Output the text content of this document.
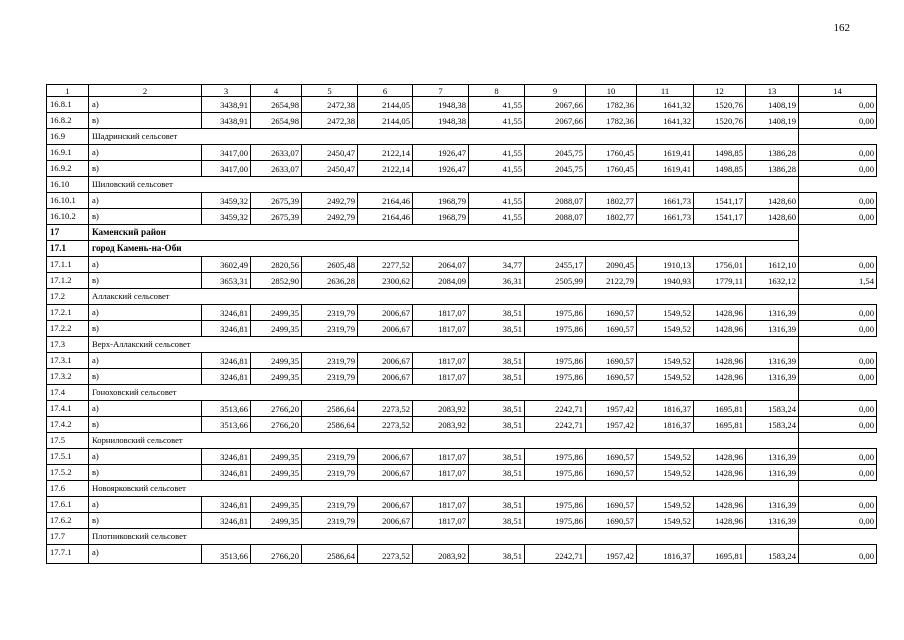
162
1	2	3	4	5	6	7	8	9	10	11	12	13	14
16.8.1	а)	3438,91	2654,98	2472,38	2144,05	1948,38	41,55	2067,66	1782,36	1641,32	1520,76	1408,19	0,00
16.8.2	в)	3438,91	2654,98	2472,38	2144,05	1948,38	41,55	2067,66	1782,36	1641,32	1520,76	1408,19	0,00
16.9	Шадринский сельсовет												
16.9.1	а)	3417,00	2633,07	2450,47	2122,14	1926,47	41,55	2045,75	1760,45	1619,41	1498,85	1386,28	0,00
16.9.2	в)	3417,00	2633,07	2450,47	2122,14	1926,47	41,55	2045,75	1760,45	1619,41	1498,85	1386,28	0,00
16.10	Шиловский сельсовет												
16.10.1	а)	3459,32	2675,39	2492,79	2164,46	1968,79	41,55	2088,07	1802,77	1661,73	1541,17	1428,60	0,00
16.10.2	в)	3459,32	2675,39	2492,79	2164,46	1968,79	41,55	2088,07	1802,77	1661,73	1541,17	1428,60	0,00
17	Каменский район												
17.1	город Камень-на-Оби												
17.1.1	а)	3602,49	2820,56	2605,48	2277,52	2064,07	34,77	2455,17	2090,45	1910,13	1756,01	1612,10	0,00
17.1.2	в)	3653,31	2852,90	2636,28	2300,62	2084,09	36,31	2505,99	2122,79	1940,93	1779,11	1632,12	1,54
17.2	Аллакский сельсовет												
17.2.1	а)	3246,81	2499,35	2319,79	2006,67	1817,07	38,51	1975,86	1690,57	1549,52	1428,96	1316,39	0,00
17.2.2	в)	3246,81	2499,35	2319,79	2006,67	1817,07	38,51	1975,86	1690,57	1549,52	1428,96	1316,39	0,00
17.3	Верх-Аллакский сельсовет												
17.3.1	а)	3246,81	2499,35	2319,79	2006,67	1817,07	38,51	1975,86	1690,57	1549,52	1428,96	1316,39	0,00
17.3.2	в)	3246,81	2499,35	2319,79	2006,67	1817,07	38,51	1975,86	1690,57	1549,52	1428,96	1316,39	0,00
17.4	Гоноховский сельсовет												
17.4.1	а)	3513,66	2766,20	2586,64	2273,52	2083,92	38,51	2242,71	1957,42	1816,37	1695,81	1583,24	0,00
17.4.2	в)	3513,66	2766,20	2586,64	2273,52	2083,92	38,51	2242,71	1957,42	1816,37	1695,81	1583,24	0,00
17.5	Корниловский сельсовет												
17.5.1	а)	3246,81	2499,35	2319,79	2006,67	1817,07	38,51	1975,86	1690,57	1549,52	1428,96	1316,39	0,00
17.5.2	в)	3246,81	2499,35	2319,79	2006,67	1817,07	38,51	1975,86	1690,57	1549,52	1428,96	1316,39	0,00
17.6	Новоярковский сельсовет												
17.6.1	а)	3246,81	2499,35	2319,79	2006,67	1817,07	38,51	1975,86	1690,57	1549,52	1428,96	1316,39	0,00
17.6.2	в)	3246,81	2499,35	2319,79	2006,67	1817,07	38,51	1975,86	1690,57	1549,52	1428,96	1316,39	0,00
17.7	Плотниковский сельсовет												
17.7.1	а)	3513,66	2766,20	2586,64	2273,52	2083,92	38,51	2242,71	1957,42	1816,37	1695,81	1583,24	0,00
